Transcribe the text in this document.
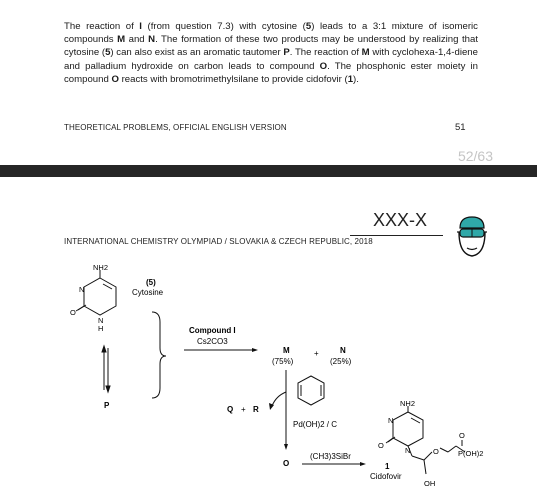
The reaction of I (from question 7.3) with cytosine (5) leads to a 3:1 mixture of isomeric compounds M and N. The formation of these two products may be understood by realizing that cytosine (5) can also exist as an aromatic tautomer P. The reaction of M with cyclohexa-1,4-diene and palladium hydroxide on carbon leads to compound O. The phosphonic ester moiety in compound O reacts with bromotrimethylsilane to provide cidofovir (1).

THEORETICAL PROBLEMS, OFFICIAL ENGLISH VERSION	51
52/63
XXX-X
INTERNATIONAL CHEMISTRY OLYMPIAD / SLOVAKIA & CZECH REPUBLIC, 2018
NH2
N
O
N
H
(5)
Cytosine
P
Compound I
Cs2CO3
M	+	N
(75%)	(25%)
Q + R
Pd(OH)2 / C
O
(CH3)3SiBr
NH2
N
O
N	O
O
P(OH)2
OH
1
Cidofovir
